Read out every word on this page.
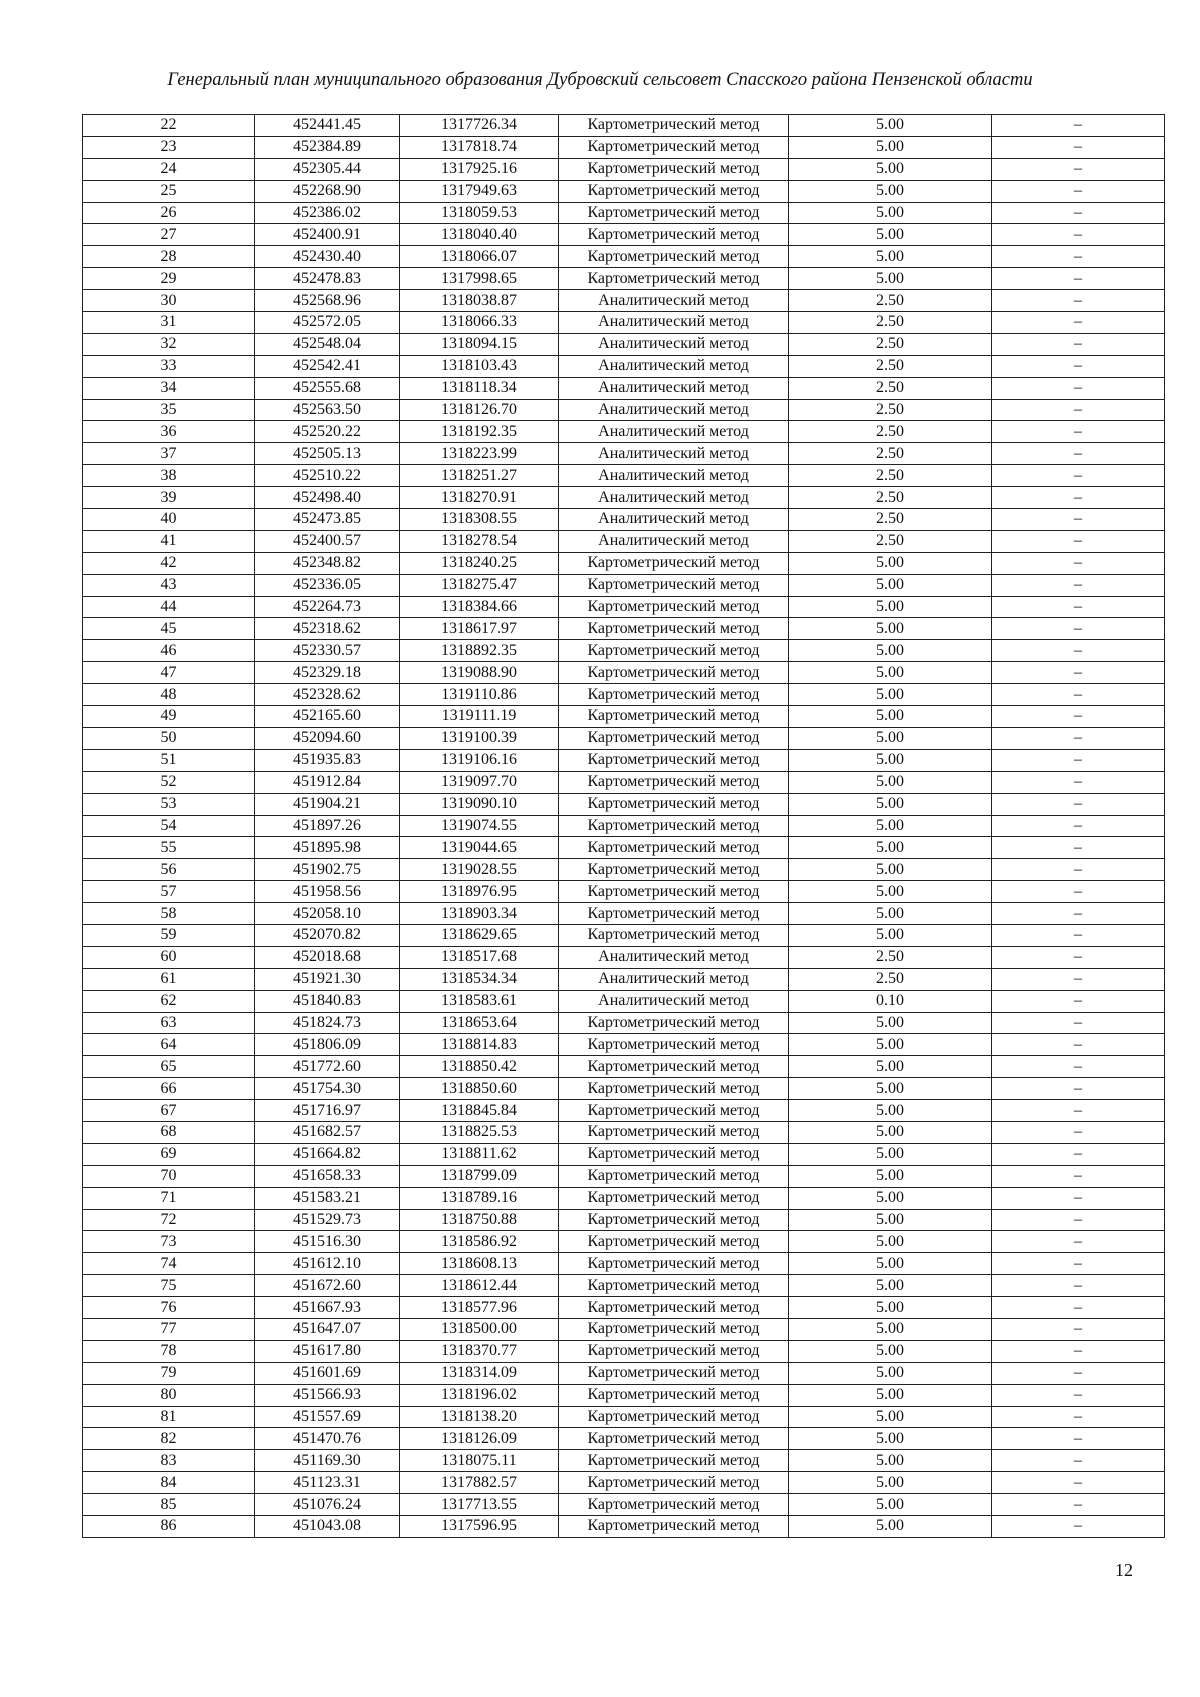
Генеральный план муниципального образования Дубровский сельсовет Спасского района Пензенской области
22	452441.45	1317726.34	Картометрический метод	5.00	–
23	452384.89	1317818.74	Картометрический метод	5.00	–
24	452305.44	1317925.16	Картометрический метод	5.00	–
25	452268.90	1317949.63	Картометрический метод	5.00	–
26	452386.02	1318059.53	Картометрический метод	5.00	–
27	452400.91	1318040.40	Картометрический метод	5.00	–
28	452430.40	1318066.07	Картометрический метод	5.00	–
29	452478.83	1317998.65	Картометрический метод	5.00	–
30	452568.96	1318038.87	Аналитический метод	2.50	–
31	452572.05	1318066.33	Аналитический метод	2.50	–
32	452548.04	1318094.15	Аналитический метод	2.50	–
33	452542.41	1318103.43	Аналитический метод	2.50	–
34	452555.68	1318118.34	Аналитический метод	2.50	–
35	452563.50	1318126.70	Аналитический метод	2.50	–
36	452520.22	1318192.35	Аналитический метод	2.50	–
37	452505.13	1318223.99	Аналитический метод	2.50	–
38	452510.22	1318251.27	Аналитический метод	2.50	–
39	452498.40	1318270.91	Аналитический метод	2.50	–
40	452473.85	1318308.55	Аналитический метод	2.50	–
41	452400.57	1318278.54	Аналитический метод	2.50	–
42	452348.82	1318240.25	Картометрический метод	5.00	–
43	452336.05	1318275.47	Картометрический метод	5.00	–
44	452264.73	1318384.66	Картометрический метод	5.00	–
45	452318.62	1318617.97	Картометрический метод	5.00	–
46	452330.57	1318892.35	Картометрический метод	5.00	–
47	452329.18	1319088.90	Картометрический метод	5.00	–
48	452328.62	1319110.86	Картометрический метод	5.00	–
49	452165.60	1319111.19	Картометрический метод	5.00	–
50	452094.60	1319100.39	Картометрический метод	5.00	–
51	451935.83	1319106.16	Картометрический метод	5.00	–
52	451912.84	1319097.70	Картометрический метод	5.00	–
53	451904.21	1319090.10	Картометрический метод	5.00	–
54	451897.26	1319074.55	Картометрический метод	5.00	–
55	451895.98	1319044.65	Картометрический метод	5.00	–
56	451902.75	1319028.55	Картометрический метод	5.00	–
57	451958.56	1318976.95	Картометрический метод	5.00	–
58	452058.10	1318903.34	Картометрический метод	5.00	–
59	452070.82	1318629.65	Картометрический метод	5.00	–
60	452018.68	1318517.68	Аналитический метод	2.50	–
61	451921.30	1318534.34	Аналитический метод	2.50	–
62	451840.83	1318583.61	Аналитический метод	0.10	–
63	451824.73	1318653.64	Картометрический метод	5.00	–
64	451806.09	1318814.83	Картометрический метод	5.00	–
65	451772.60	1318850.42	Картометрический метод	5.00	–
66	451754.30	1318850.60	Картометрический метод	5.00	–
67	451716.97	1318845.84	Картометрический метод	5.00	–
68	451682.57	1318825.53	Картометрический метод	5.00	–
69	451664.82	1318811.62	Картометрический метод	5.00	–
70	451658.33	1318799.09	Картометрический метод	5.00	–
71	451583.21	1318789.16	Картометрический метод	5.00	–
72	451529.73	1318750.88	Картометрический метод	5.00	–
73	451516.30	1318586.92	Картометрический метод	5.00	–
74	451612.10	1318608.13	Картометрический метод	5.00	–
75	451672.60	1318612.44	Картометрический метод	5.00	–
76	451667.93	1318577.96	Картометрический метод	5.00	–
77	451647.07	1318500.00	Картометрический метод	5.00	–
78	451617.80	1318370.77	Картометрический метод	5.00	–
79	451601.69	1318314.09	Картометрический метод	5.00	–
80	451566.93	1318196.02	Картометрический метод	5.00	–
81	451557.69	1318138.20	Картометрический метод	5.00	–
82	451470.76	1318126.09	Картометрический метод	5.00	–
83	451169.30	1318075.11	Картометрический метод	5.00	–
84	451123.31	1317882.57	Картометрический метод	5.00	–
85	451076.24	1317713.55	Картометрический метод	5.00	–
86	451043.08	1317596.95	Картометрический метод	5.00	–
12
